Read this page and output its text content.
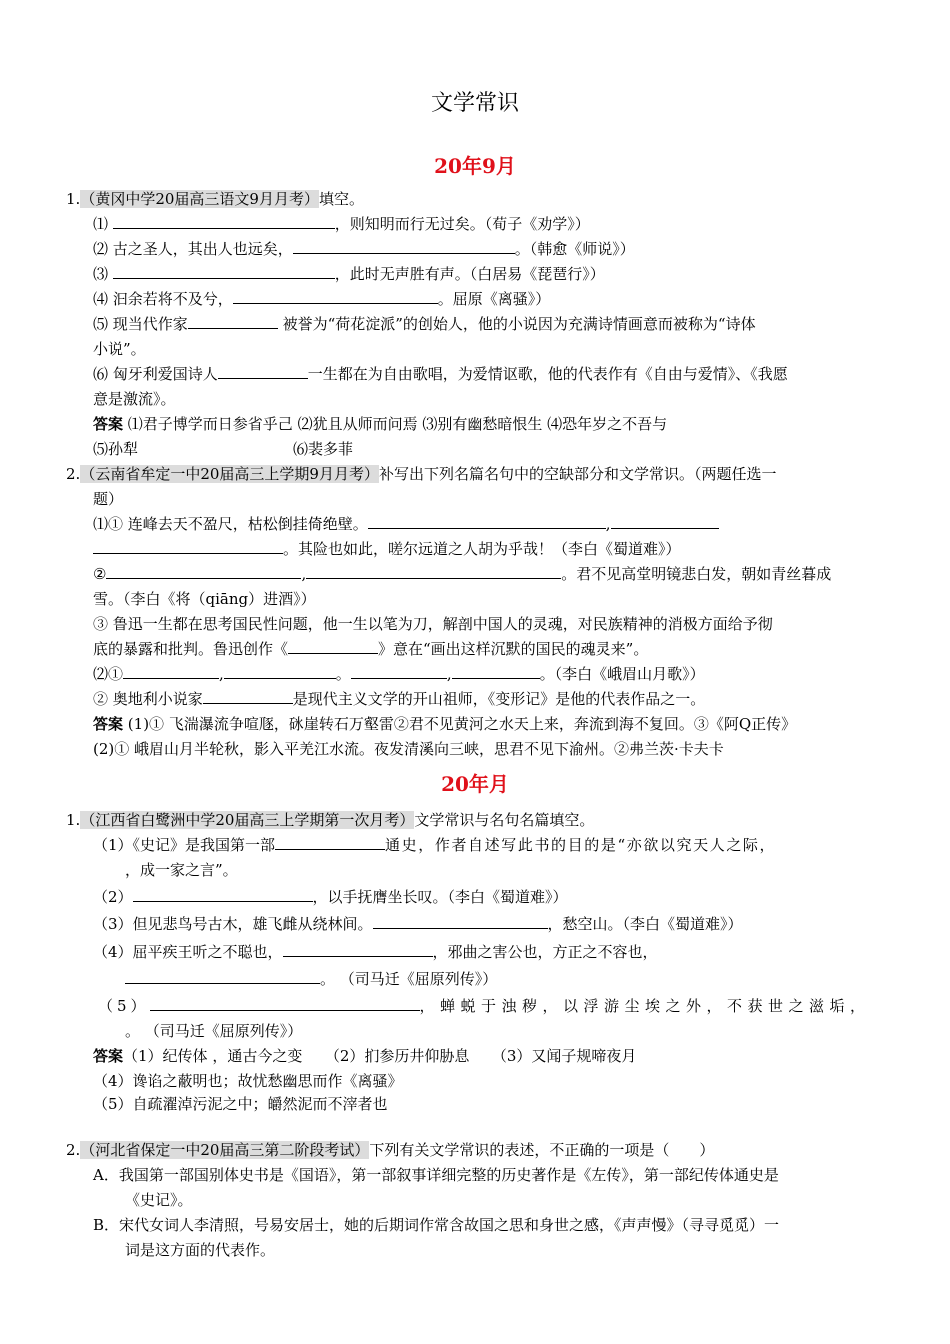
文学常识
20年9月
1.（黄冈中学20届高三语文9月月考）填空。
⑴	，则知明而行无过矣。（荀子《劝学》）
⑵ 古之圣人，其出人也远矣，	。（韩愈《师说》）
⑶	，此时无声胜有声。（白居易《琵琶行》）
⑷ 汩余若将不及兮，	。屈原《离骚》）
⑸ 现当代作家	被誉为“荷花淀派”的创始人，他的小说因为充满诗情画意而被称为“诗体
小说”。
⑹ 匈牙利爱国诗人	一生都在为自由歌唱，为爱情讴歌，他的代表作有《自由与爱情》、《我愿
意是激流》。
答案 ⑴君子博学而日参省乎己 ⑵犹且从师而问焉 ⑶别有幽愁暗恨生 ⑷恐年岁之不吾与
⑸孙犁	⑹裴多菲
2.（云南省牟定一中20届高三上学期9月月考）补写出下列名篇名句中的空缺部分和文学常识。（两题任选一
题）
⑴① 连峰去天不盈尺，枯松倒挂倚绝壁。	,
。其险也如此，嗟尔远道之人胡为乎哉！（李白《蜀道难》）
②	,	。君不见高堂明镜悲白发，朝如青丝暮成
雪。（李白《将（qiāng）进酒》）
③ 鲁迅一生都在思考国民性问题，他一生以笔为刀，解剖中国人的灵魂，对民族精神的消极方面给予彻
底的暴露和批判。鲁迅创作《	》意在“画出这样沉默的国民的魂灵来”。
⑵①	,	。	,	。（李白《峨眉山月歌》）
② 奥地利小说家	是现代主义文学的开山祖师，《变形记》是他的代表作品之一。
答案 (1)① 飞湍瀑流争喧豗，砯崖转石万壑雷②君不见黄河之水天上来，奔流到海不复回。③《阿Q正传》
(2)① 峨眉山月半轮秋，影入平羌江水流。夜发清溪向三峡，思君不见下渝州。②弗兰茨·卡夫卡
20年月
1.（江西省白鹭洲中学20届高三上学期第一次月考）文学常识与名句名篇填空。
（1）《史记》是我国第一部	通史，作者自述写此书的目的是“亦欲以究天人之际，
，成一家之言”。
（2）	，以手抚膺坐长叹。（李白《蜀道难》）
（3）但见悲鸟号古木，雄飞雌从绕林间。	，愁空山。（李白《蜀道难》）
（4）屈平疾王听之不聪也，	，邪曲之害公也，方正之不容也，
。 （司马迁《屈原列传》）
（5）	，蝉蜕于浊秽，以浮游尘埃之外，不获世之滋垢，
。 （司马迁《屈原列传》）
答案（1）纪传体 ，通古今之变　　（2）扪参历井仰胁息　　（3）又闻子规啼夜月
（4）谗谄之蔽明也；故忧愁幽思而作《离骚》
（5）自疏濯淖污泥之中；皭然泥而不滓者也
2.（河北省保定一中20届高三第二阶段考试）下列有关文学常识的表述，不正确的一项是（　　）
A．我国第一部国别体史书是《国语》，第一部叙事详细完整的历史著作是《左传》，第一部纪传体通史是
《史记》。
B．宋代女词人李清照，号易安居士，她的后期词作常含故国之思和身世之感，《声声慢》（寻寻觅觅）一
词是这方面的代表作。
